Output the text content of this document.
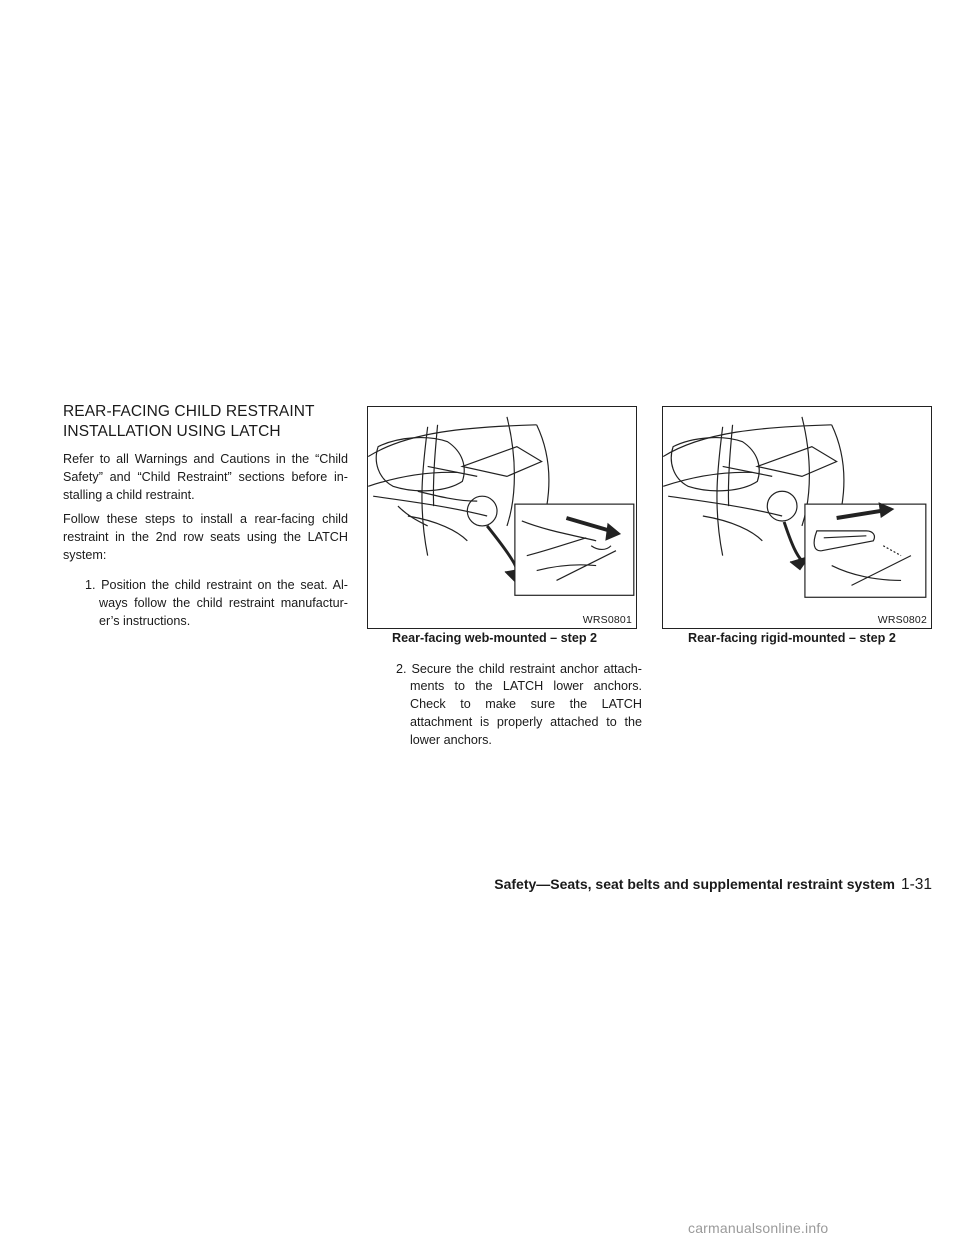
REAR-FACING CHILD RESTRAINT
INSTALLATION USING LATCH

Refer to all Warnings and Cautions in the “Child Safety” and “Child Restraint” sections before installing a child restraint.

Follow these steps to install a rear-facing child restraint in the 2nd row seats using the LATCH system:

1. Position the child restraint on the seat. Always follow the child restraint manufacturer’s instructions.	WRS0801
Rear-facing web-mounted – step 2
WRS0802
Rear-facing rigid-mounted – step 2

2. Secure the child restraint anchor attachments to the LATCH lower anchors. Check to make sure the LATCH attachment is properly attached to the lower anchors.

Safety—Seats, seat belts and supplemental restraint system 1-31
carmanualsonline.info
